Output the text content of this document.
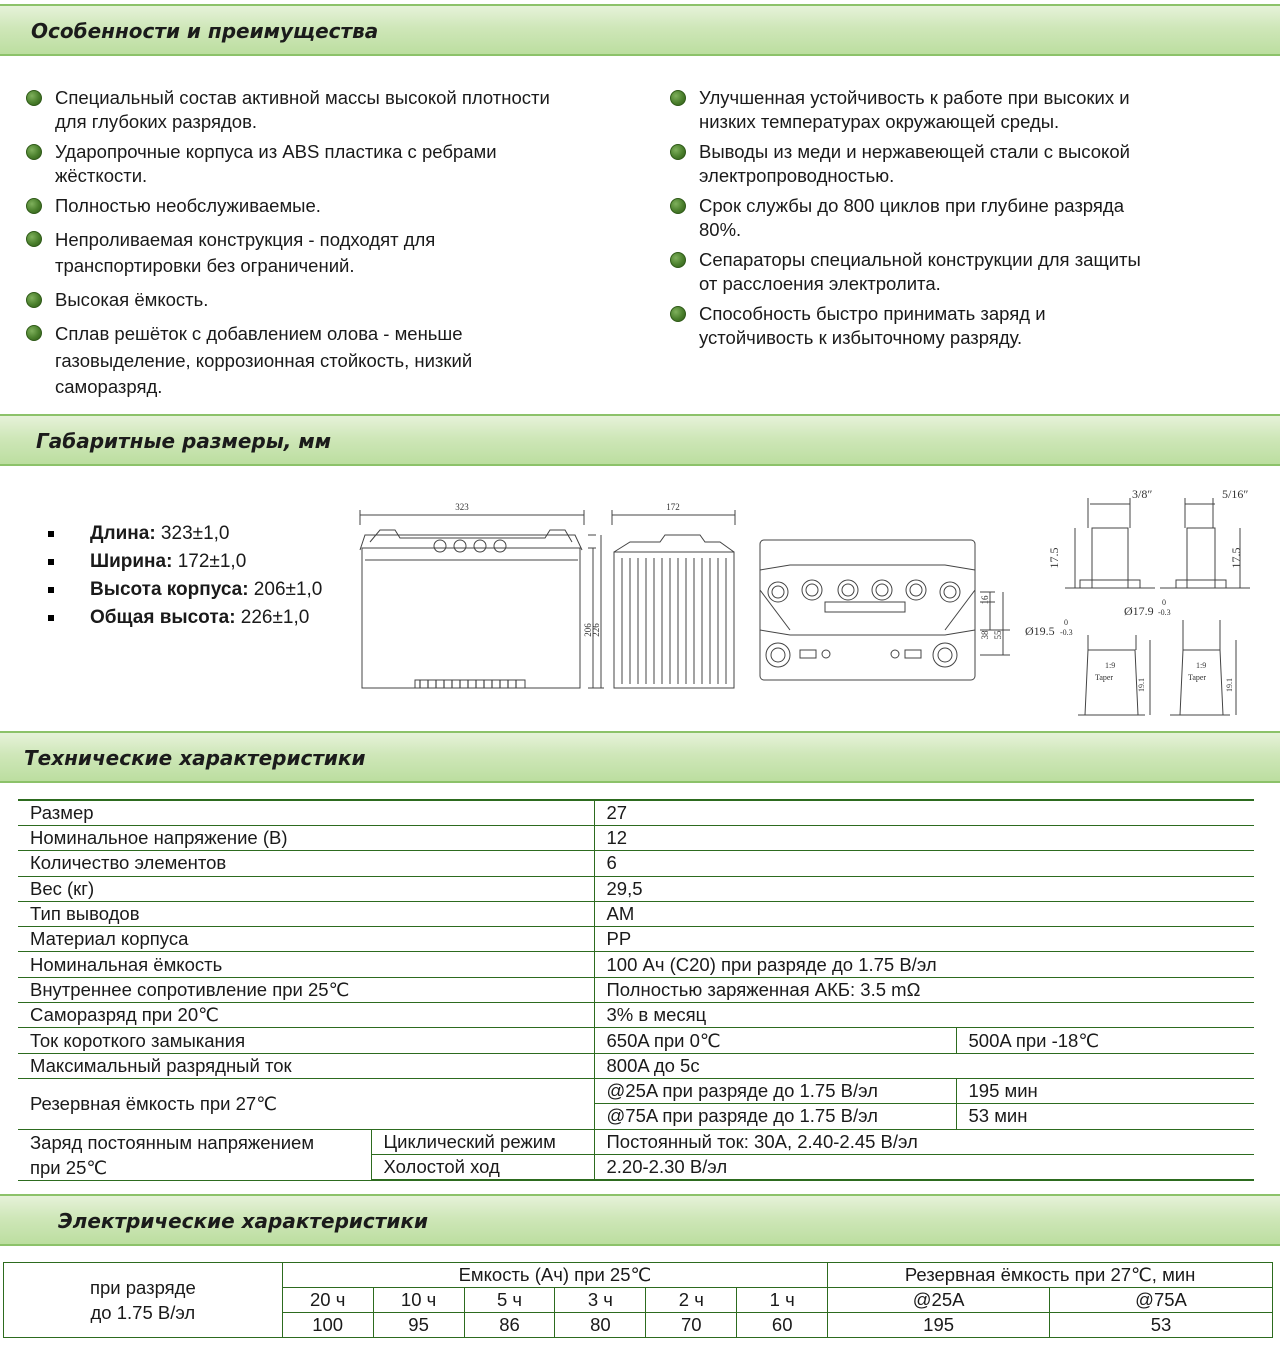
Особенности и преимущества
Специальный состав активной массы высокой плотности
для глубоких разрядов.
Ударопрочные корпуса из ABS пластика с ребрами
жёсткости.
Полностью необслуживаемые.
Непроливаемая конструкция - подходят для
транспортировки без ограничений.
Высокая ёмкость.
Сплав решёток с добавлением олова - меньше
газовыделение, коррозионная стойкость, низкий
саморазряд.
Улучшенная устойчивость к работе при высоких и
низких температурах окружающей среды.
Выводы из меди и нержавеющей стали с высокой
электропроводностью.
Срок службы до 800 циклов при глубине разряда
80%.
Сепараторы специальной конструкции для защиты
от расслоения электролита.
Способность быстро принимать заряд и
устойчивость к избыточному разряду.
Габаритные размеры, мм
Длина: 323±1,0
Ширина: 172±1,0
Высота корпуса: 206±1,0
Общая высота: 226±1,0
323	172
206
226
16
38 55
3/8″	5/16″
17.5	17.5
Ø19.5
Ø17.9
-0.3
0
-0.3
0
1:9
Taper
1:9
Taper
19.1	19.1
Технические характеристики
Размер		27	
Номинальное напряжение (В)		12	
Количество элементов		6	
Вес (кг)		29,5	
Тип выводов		AM	
Материал корпуса		PP	
Номинальная ёмкость		100 Ач (С20) при разряде до 1.75 В/эл	
Внутреннее сопротивление при 25℃		Полностью заряженная АКБ: 3.5 mΩ	
Саморазряд при 20℃		3% в месяц	
Ток короткого замыкания		650A при 0℃	500A при -18℃
Максимальный разрядный ток		800A до 5с	
Резервная ёмкость при 27℃		@25A при разряде до 1.75 В/эл	195 мин
		@75A при разряде до 1.75 В/эл	53 мин

Заряд постоянным напряжением
при 25℃	Циклический режим	Постоянный ток: 30A, 2.40-2.45 В/эл	
	Холостой ход	2.20-2.30 В/эл	
Электрические характеристики
при разряде
до 1.75 В/эл	Емкость (Ач) при 25℃						Резервная ёмкость при 27℃, мин	
	20 ч	10 ч	5 ч	3 ч	2 ч	1 ч	@25A	@75A
	100	95	86	80	70	60	195	53
